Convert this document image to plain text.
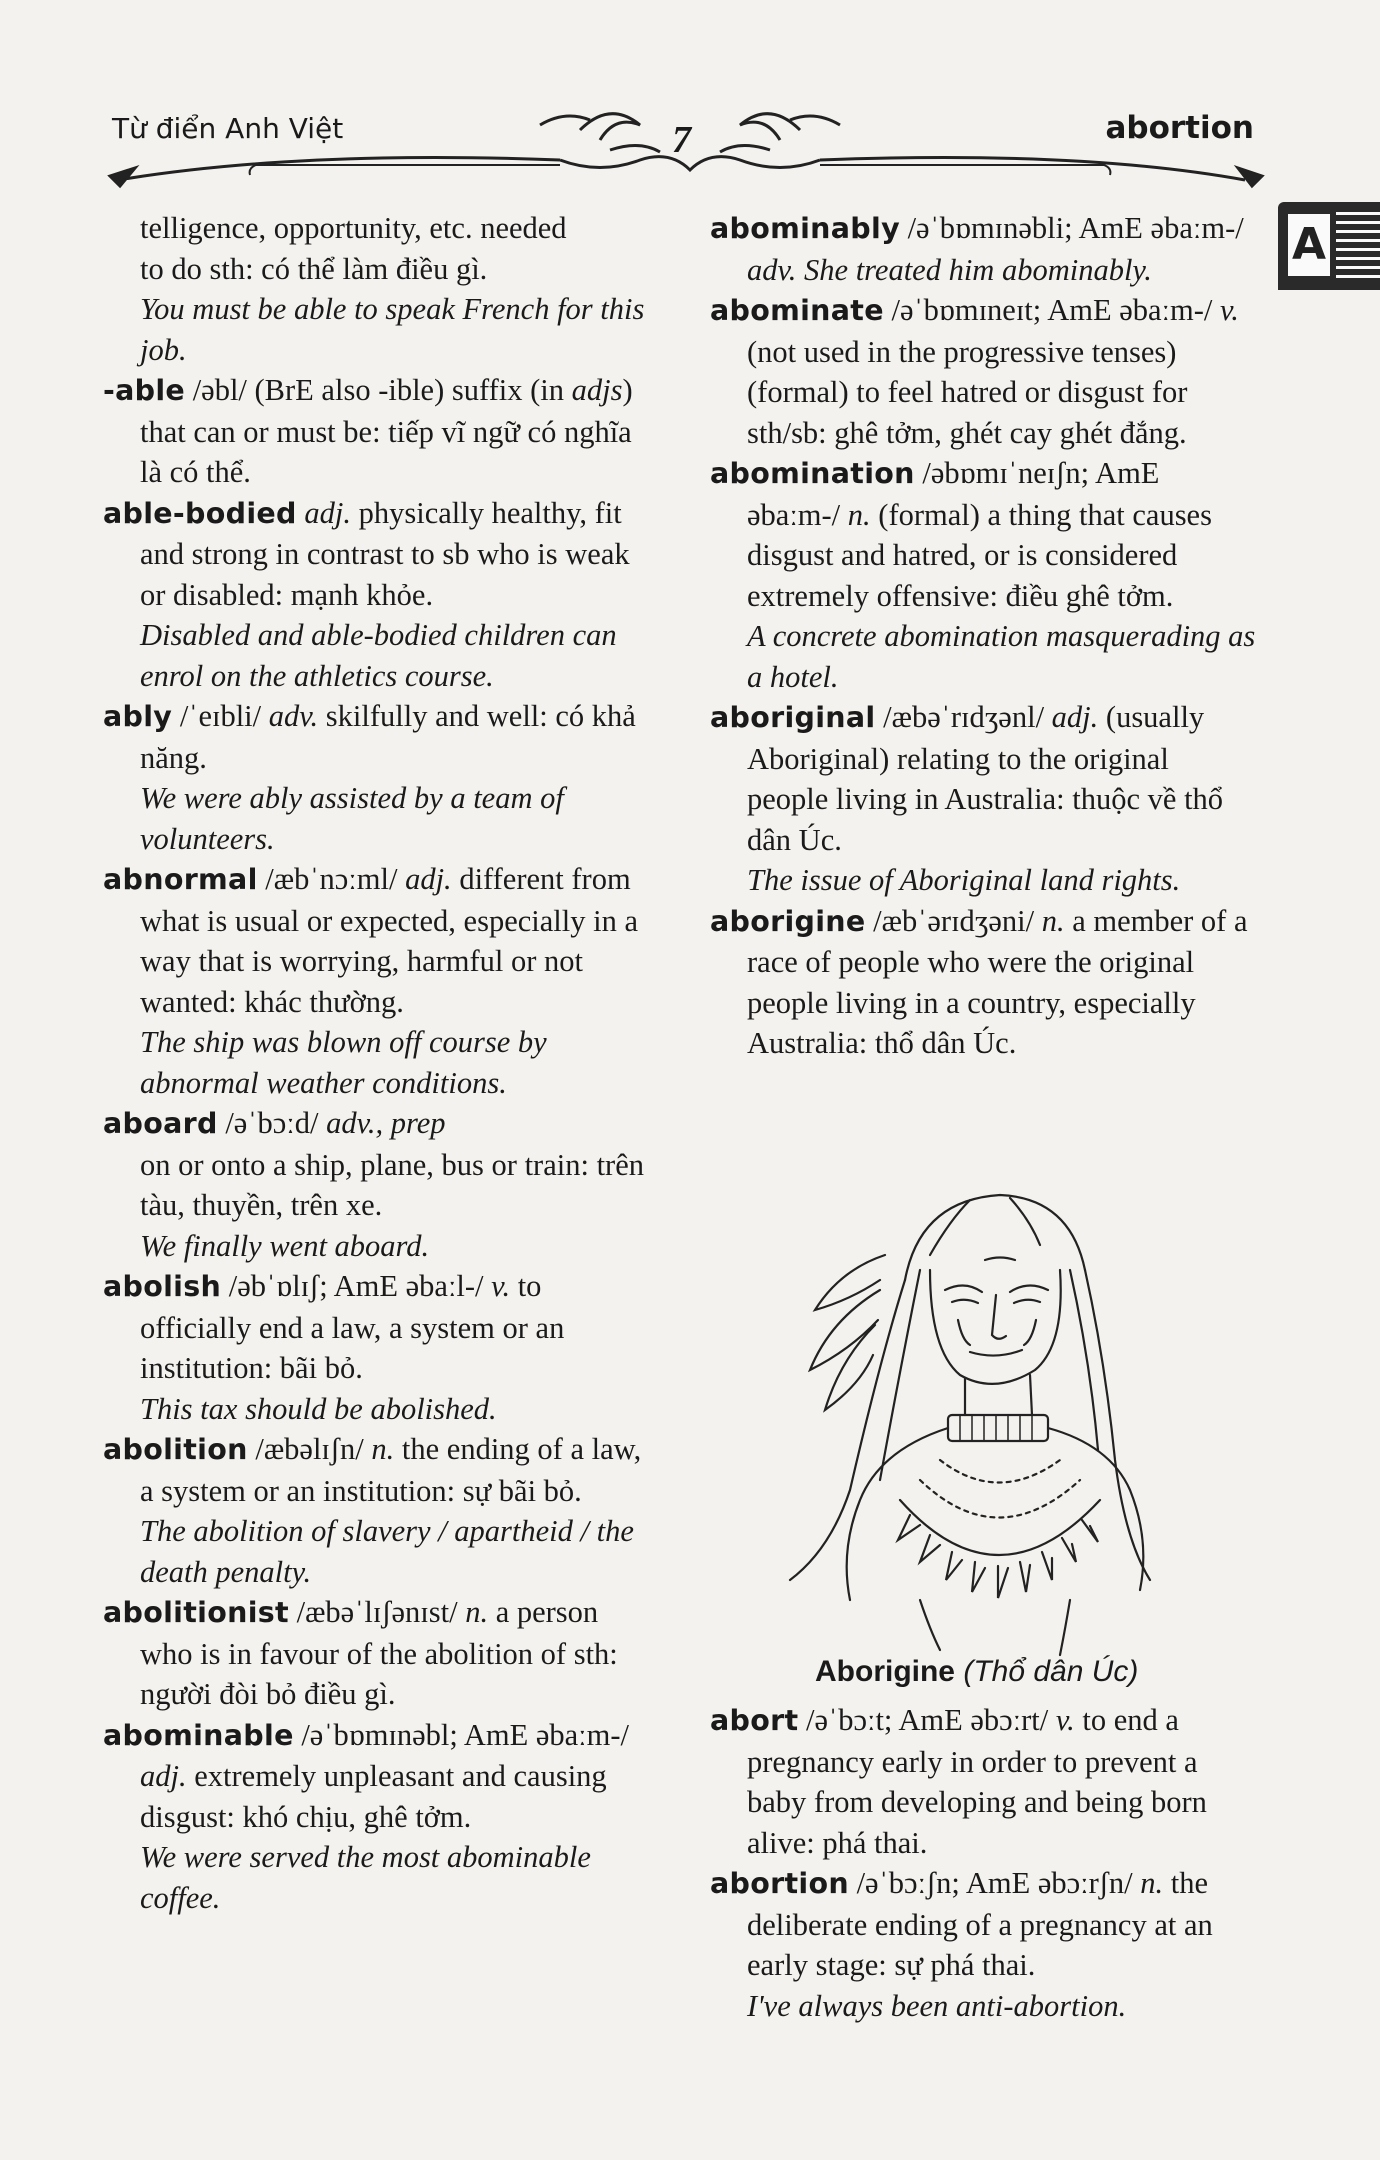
Từ điển Anh Việt	7	abortion
A
telligence, opportunity, etc. needed
to do sth: có thể làm điều gì.
You must be able to speak French for this job.
-able /əbl/ (BrE also -ible) suffix (in adjs) that can or must be: tiếp vĩ ngữ có nghĩa là có thể.
able-bodied adj. physically healthy, fit and strong in contrast to sb who is weak or disabled: mạnh khỏe.
Disabled and able-bodied children can enrol on the athletics course.
ably /ˈeɪbli/ adv. skilfully and well: có khả năng.
We were ably assisted by a team of volunteers.
abnormal /æbˈnɔːml/ adj. different from what is usual or expected, especially in a way that is worrying, harmful or not wanted: khác thường.
The ship was blown off course by abnormal weather conditions.
aboard /əˈbɔːd/ adv., prep
on or onto a ship, plane, bus or train: trên tàu, thuyền, trên xe.
We finally went aboard.
abolish /əbˈɒlɪʃ; AmE əbaːl-/ v. to officially end a law, a system or an institution: bãi bỏ.
This tax should be abolished.
abolition /æbəlɪʃn/ n. the ending of a law, a system or an institution: sự bãi bỏ.
The abolition of slavery / apartheid / the death penalty.
abolitionist /æbəˈlɪʃənɪst/ n. a person who is in favour of the abolition of sth: người đòi bỏ điều gì.
abominable /əˈbɒmɪnəbl; AmE əbaːm-/ adj. extremely unpleasant and causing disgust: khó chịu, ghê tởm.
We were served the most abominable coffee.
abominably /əˈbɒmɪnəbli; AmE əbaːm-/ adv. She treated him abominably.
abominate /əˈbɒmɪneɪt; AmE əbaːm-/ v. (not used in the progressive tenses) (formal) to feel hatred or disgust for sth/sb: ghê tởm, ghét cay ghét đắng.
abomination /əbɒmɪˈneɪʃn; AmE əbaːm-/ n. (formal) a thing that causes disgust and hatred, or is considered extremely offensive: điều ghê tởm.
A concrete abomination masquerading as a hotel.
aboriginal /æbəˈrɪdʒənl/ adj. (usually Aboriginal) relating to the original people living in Australia: thuộc về thổ dân Úc.
The issue of Aboriginal land rights.
aborigine /æbˈərɪdʒəni/ n. a member of a race of people who were the original people living in a country, especially Australia: thổ dân Úc.
Aborigine (Thổ dân Úc)
abort /əˈbɔːt; AmE əbɔːrt/ v. to end a pregnancy early in order to prevent a baby from developing and being born alive: phá thai.
abortion /əˈbɔːʃn; AmE əbɔːrʃn/ n. the deliberate ending of a pregnancy at an early stage: sự phá thai.
I've always been anti-abortion.
